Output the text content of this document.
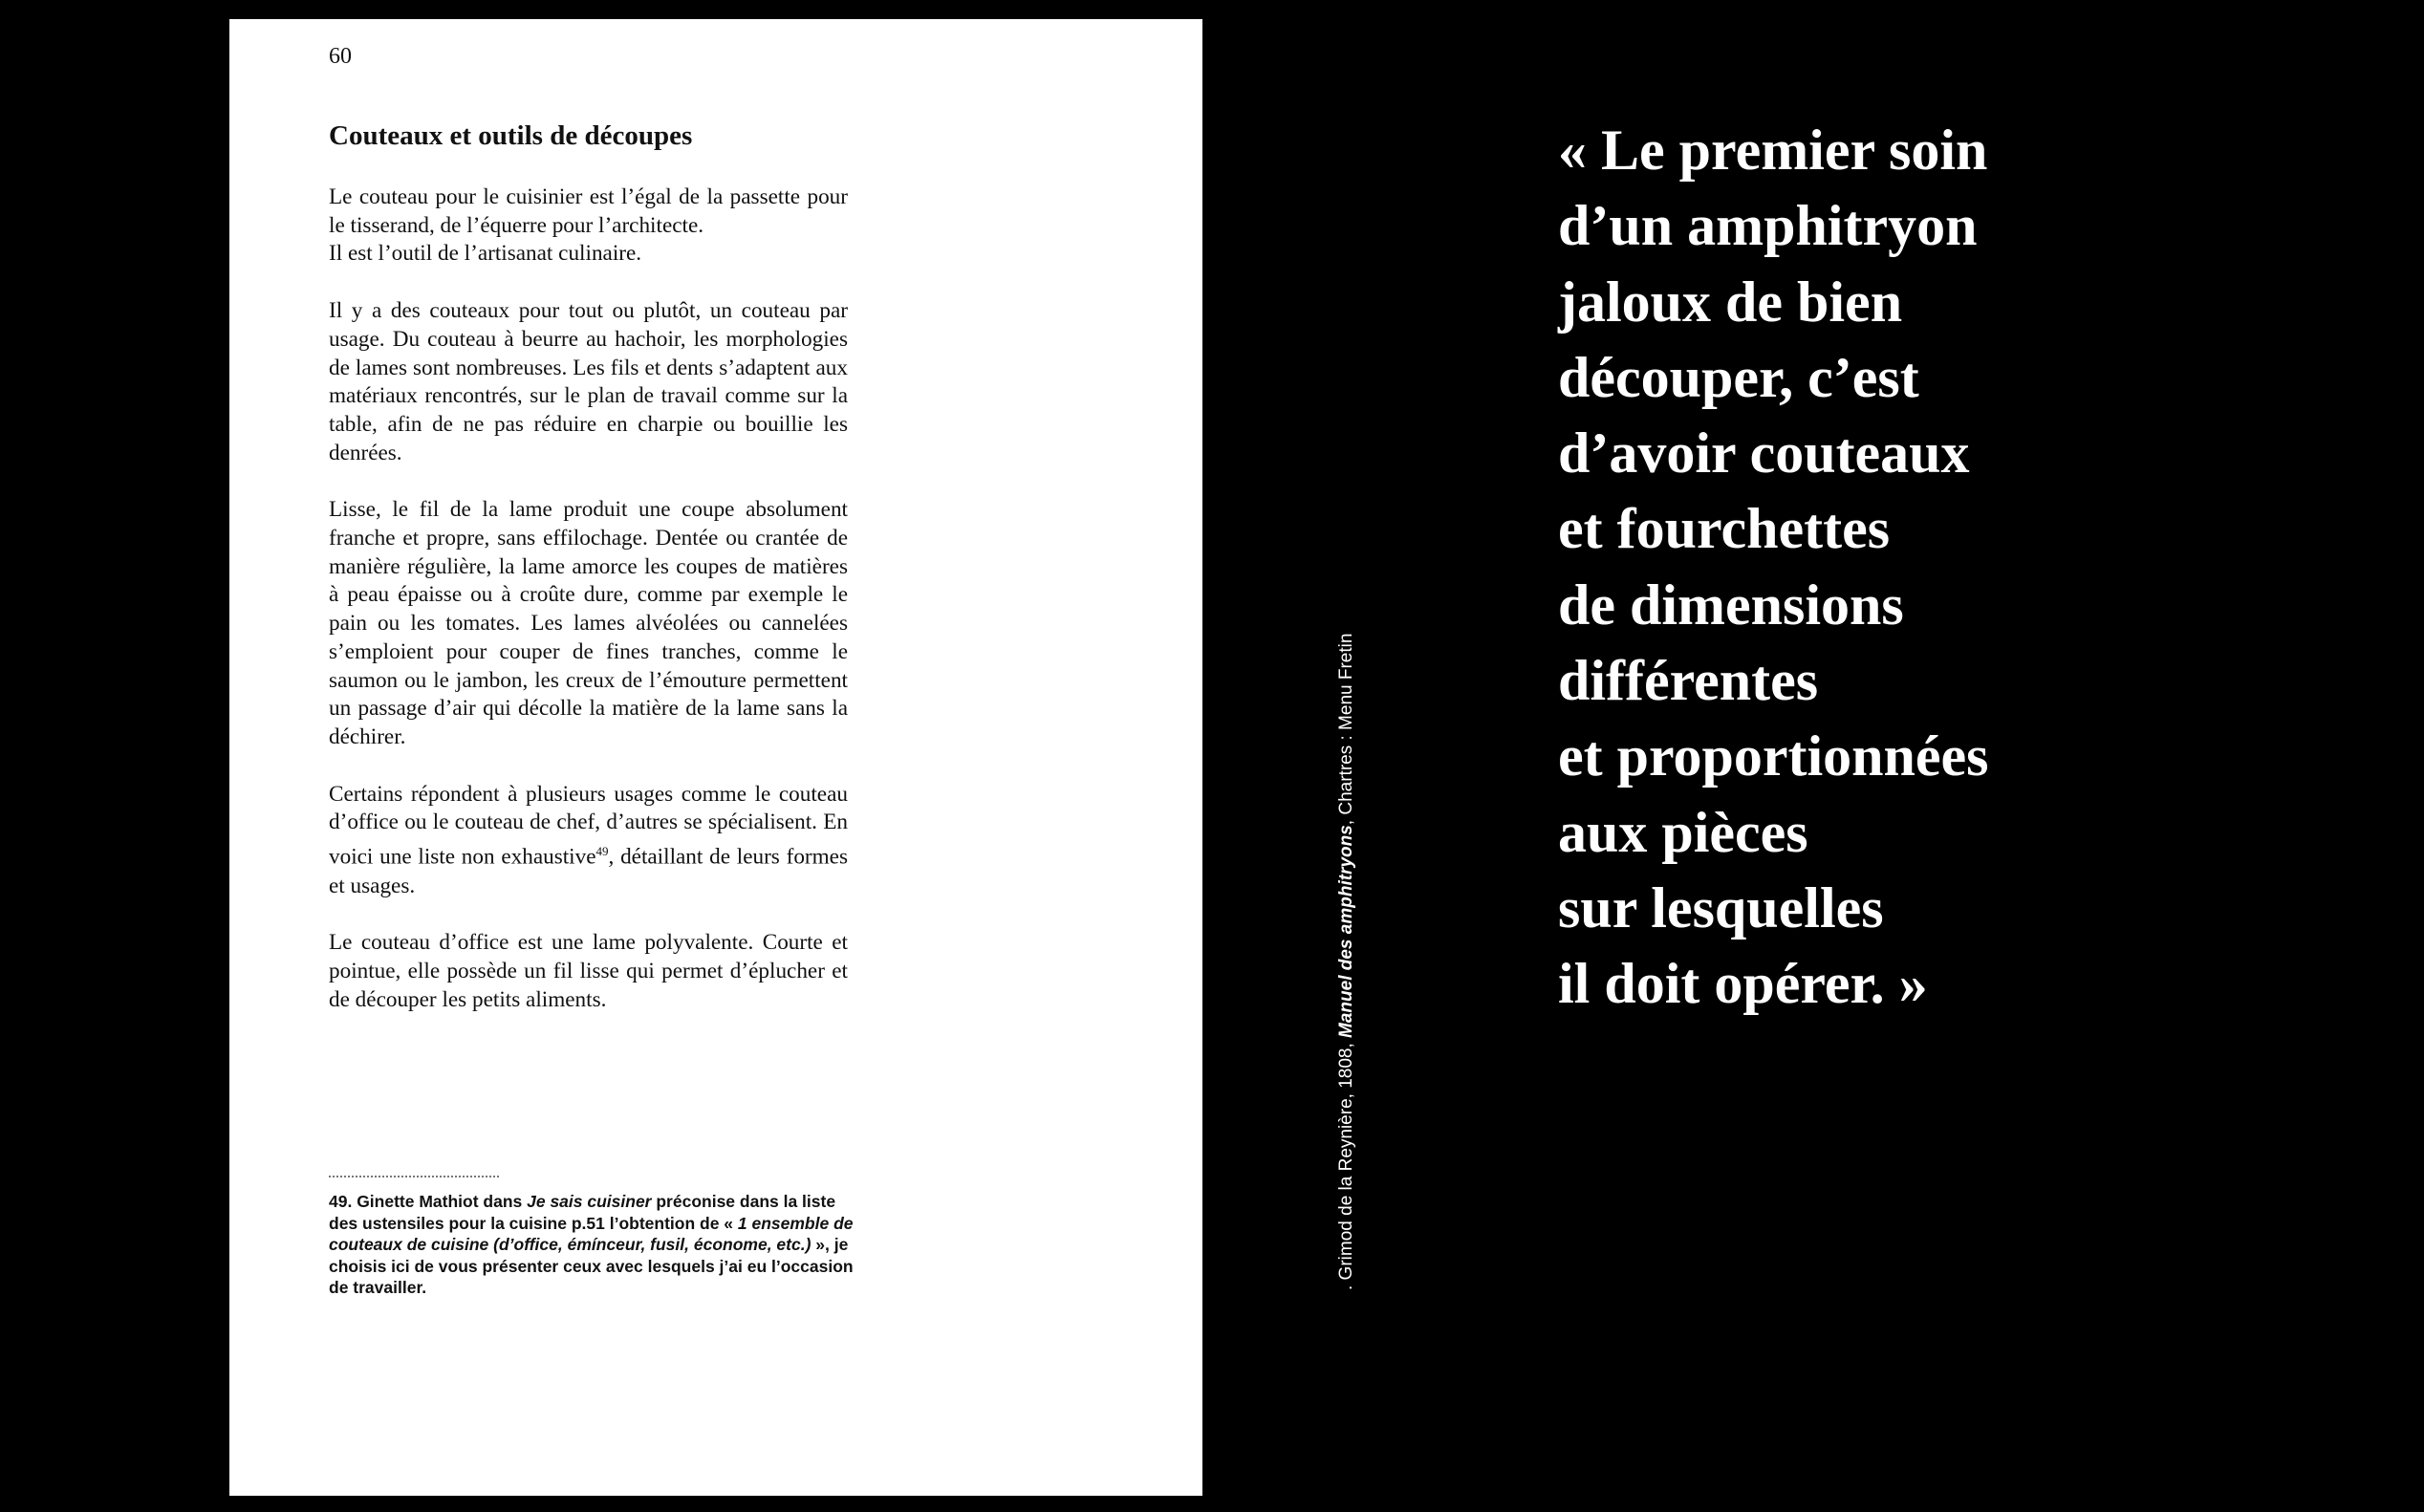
60
Couteaux et outils de découpes

Le couteau pour le cuisinier est l’égal de la passette pour le tisserand, de l’équerre pour l’architecte.
Il est l’outil de l’artisanat culinaire.

Il y a des couteaux pour tout ou plutôt, un couteau par usage. Du couteau à beurre au hachoir, les morphologies de lames sont nombreuses. Les fils et dents s’adaptent aux matériaux rencontrés, sur le plan de travail comme sur la table, afin de ne pas réduire en charpie ou bouillie les denrées.

Lisse, le fil de la lame produit une coupe absolument franche et propre, sans effilochage. Dentée ou crantée de manière régulière, la lame amorce les coupes de matières à peau épaisse ou à croûte dure, comme par exemple le pain ou les tomates. Les lames alvéolées ou cannelées s’emploient pour couper de fines tranches, comme le saumon ou le jambon, les creux de l’émouture permettent un passage d’air qui décolle la matière de la lame sans la déchirer.

Certains répondent à plusieurs usages comme le couteau d’office ou le couteau de chef, d’autres se spécialisent. En voici une liste non exhaustive$^{49}$, détaillant de leurs formes et usages.

Le couteau d’office est une lame polyvalente. Courte et pointue, elle possède un fil lisse qui permet d’éplucher et de découper les petits aliments.

49. Ginette Mathiot dans Je sais cuisiner préconise dans la liste des ustensiles pour la cuisine p.51 l’obtention de « 1 ensemble de couteaux de cuisine (d’office, émínceur, fusil, économe, etc.) », je choisis ici de vous présenter ceux avec lesquels j’ai eu l’occasion de travailler.	. Grimod de la Reynière, 1808, Manuel des amphitryons, Chartres : Menu Fretin

« Le premier soin
d’un amphitryon
jaloux de bien
découper, c’est
d’avoir couteaux
et fourchettes
de dimensions
différentes
et proportionnées
aux pièces
sur lesquelles
il doit opérer. »
